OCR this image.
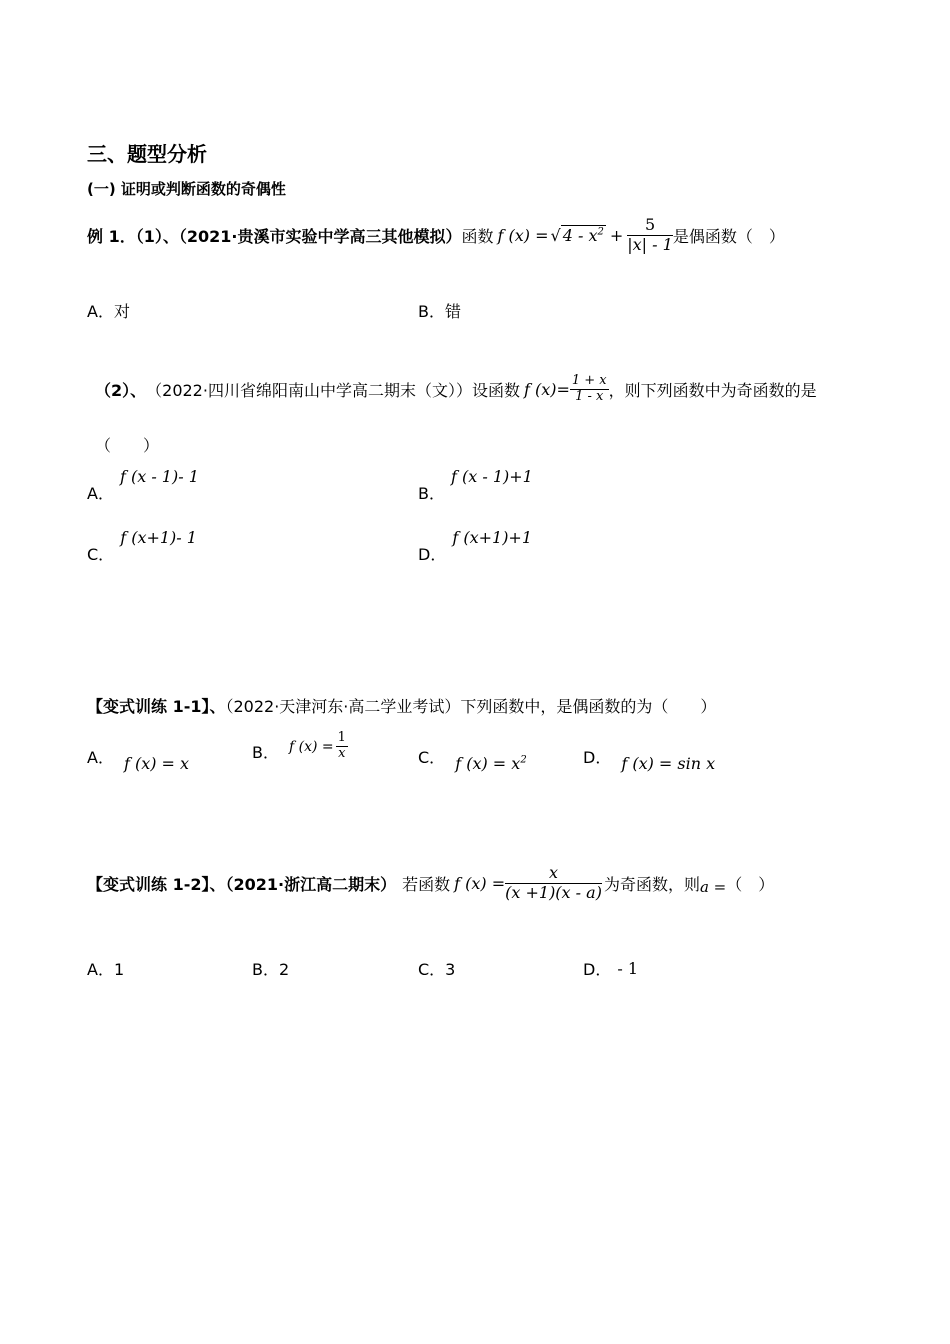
三、题型分析
(一) 证明或判断函数的奇偶性
例 1．（1）、（2021·贵溪市实验中学高三其他模拟） 函数 f (x) = √ $4 - x^2 + \frac{5}{|x| - 1}$ 是偶函数（　）
A．对	B．错
（2）、 （2022·四川省绵阳南山中学高二期末（文））设函数 f $(x)= \frac{1 + x}{1 - x}$ ，则下列函数中为奇函数的是
（　　）
A．
f (x - 1)- 1
B．
f (x - 1)+1
C．
f (x+1)- 1
D．
f (x+1)+1
【变式训练 1-1】、（2022·天津河东·高二学业考试）下列函数中，是偶函数的为（　　）
A． f (x) = x
B． f $(x) = \frac{1}{x}$	C． f $(x) = x^2$	D． f (x) = sin x
【变式训练 1-2】、（2021·浙江高二期末） 若函数 f $(x) = \frac{x}{(x +1)(x - a)}$ 为奇函数，则 a = （　）
A．1	B．2	C．3	D． - 1
